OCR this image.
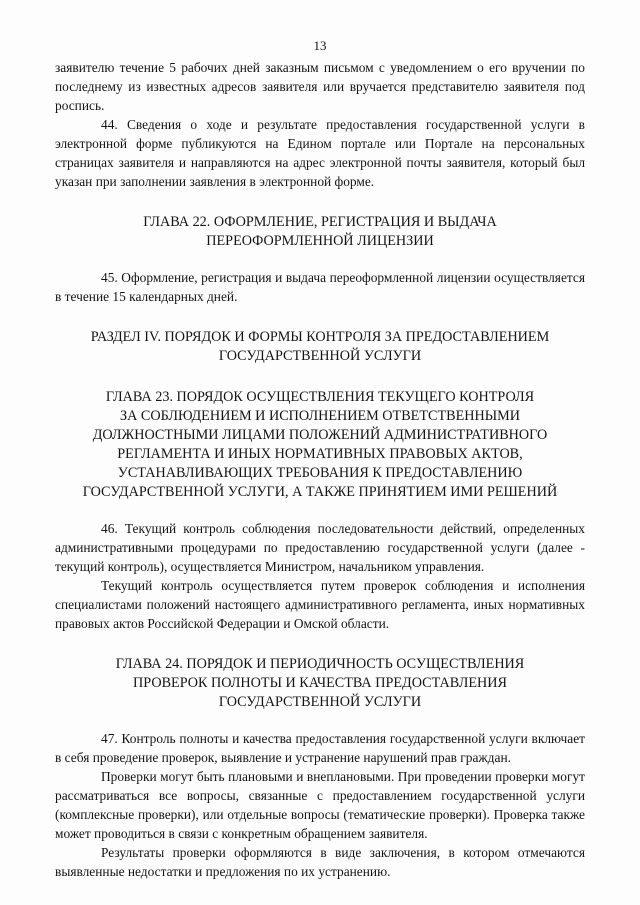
13

заявителю течение 5 рабочих дней заказным письмом с уведомлением о его вручении по последнему из известных адресов заявителя или вручается представителю заявителя под роспись.

44. Сведения о ходе и результате предоставления государственной услуги в электронной форме публикуются на Едином портале или Портале на персональных страницах заявителя и направляются на адрес электронной почты заявителя, который был указан при заполнении заявления в электронной форме.

ГЛАВА 22. ОФОРМЛЕНИЕ, РЕГИСТРАЦИЯ И ВЫДАЧА
ПЕРЕОФОРМЛЕННОЙ ЛИЦЕНЗИИ

45. Оформление, регистрация и выдача переоформленной лицензии осуществляется в течение 15 календарных дней.

РАЗДЕЛ IV. ПОРЯДОК И ФОРМЫ КОНТРОЛЯ ЗА ПРЕДОСТАВЛЕНИЕМ
ГОСУДАРСТВЕННОЙ УСЛУГИ
ГЛАВА 23. ПОРЯДОК ОСУЩЕСТВЛЕНИЯ ТЕКУЩЕГО КОНТРОЛЯ
ЗА СОБЛЮДЕНИЕМ И ИСПОЛНЕНИЕМ ОТВЕТСТВЕННЫМИ
ДОЛЖНОСТНЫМИ ЛИЦАМИ ПОЛОЖЕНИЙ АДМИНИСТРАТИВНОГО
РЕГЛАМЕНТА И ИНЫХ НОРМАТИВНЫХ ПРАВОВЫХ АКТОВ,
УСТАНАВЛИВАЮЩИХ ТРЕБОВАНИЯ К ПРЕДОСТАВЛЕНИЮ
ГОСУДАРСТВЕННОЙ УСЛУГИ, А ТАКЖЕ ПРИНЯТИЕМ ИМИ РЕШЕНИЙ

46. Текущий контроль соблюдения последовательности действий, определенных административными процедурами по предоставлению государственной услуги (далее - текущий контроль), осуществляется Министром, начальником управления.

Текущий контроль осуществляется путем проверок соблюдения и исполнения специалистами положений настоящего административного регламента, иных нормативных правовых актов Российской Федерации и Омской области.

ГЛАВА 24. ПОРЯДОК И ПЕРИОДИЧНОСТЬ ОСУЩЕСТВЛЕНИЯ
ПРОВЕРОК ПОЛНОТЫ И КАЧЕСТВА ПРЕДОСТАВЛЕНИЯ
ГОСУДАРСТВЕННОЙ УСЛУГИ

47. Контроль полноты и качества предоставления государственной услуги включает в себя проведение проверок, выявление и устранение нарушений прав граждан.

Проверки могут быть плановыми и внеплановыми. При проведении проверки могут рассматриваться все вопросы, связанные с предоставлением государственной услуги (комплексные проверки), или отдельные вопросы (тематические проверки). Проверка также может проводиться в связи с конкретным обращением заявителя.

Результаты проверки оформляются в виде заключения, в котором отмечаются выявленные недостатки и предложения по их устранению.
